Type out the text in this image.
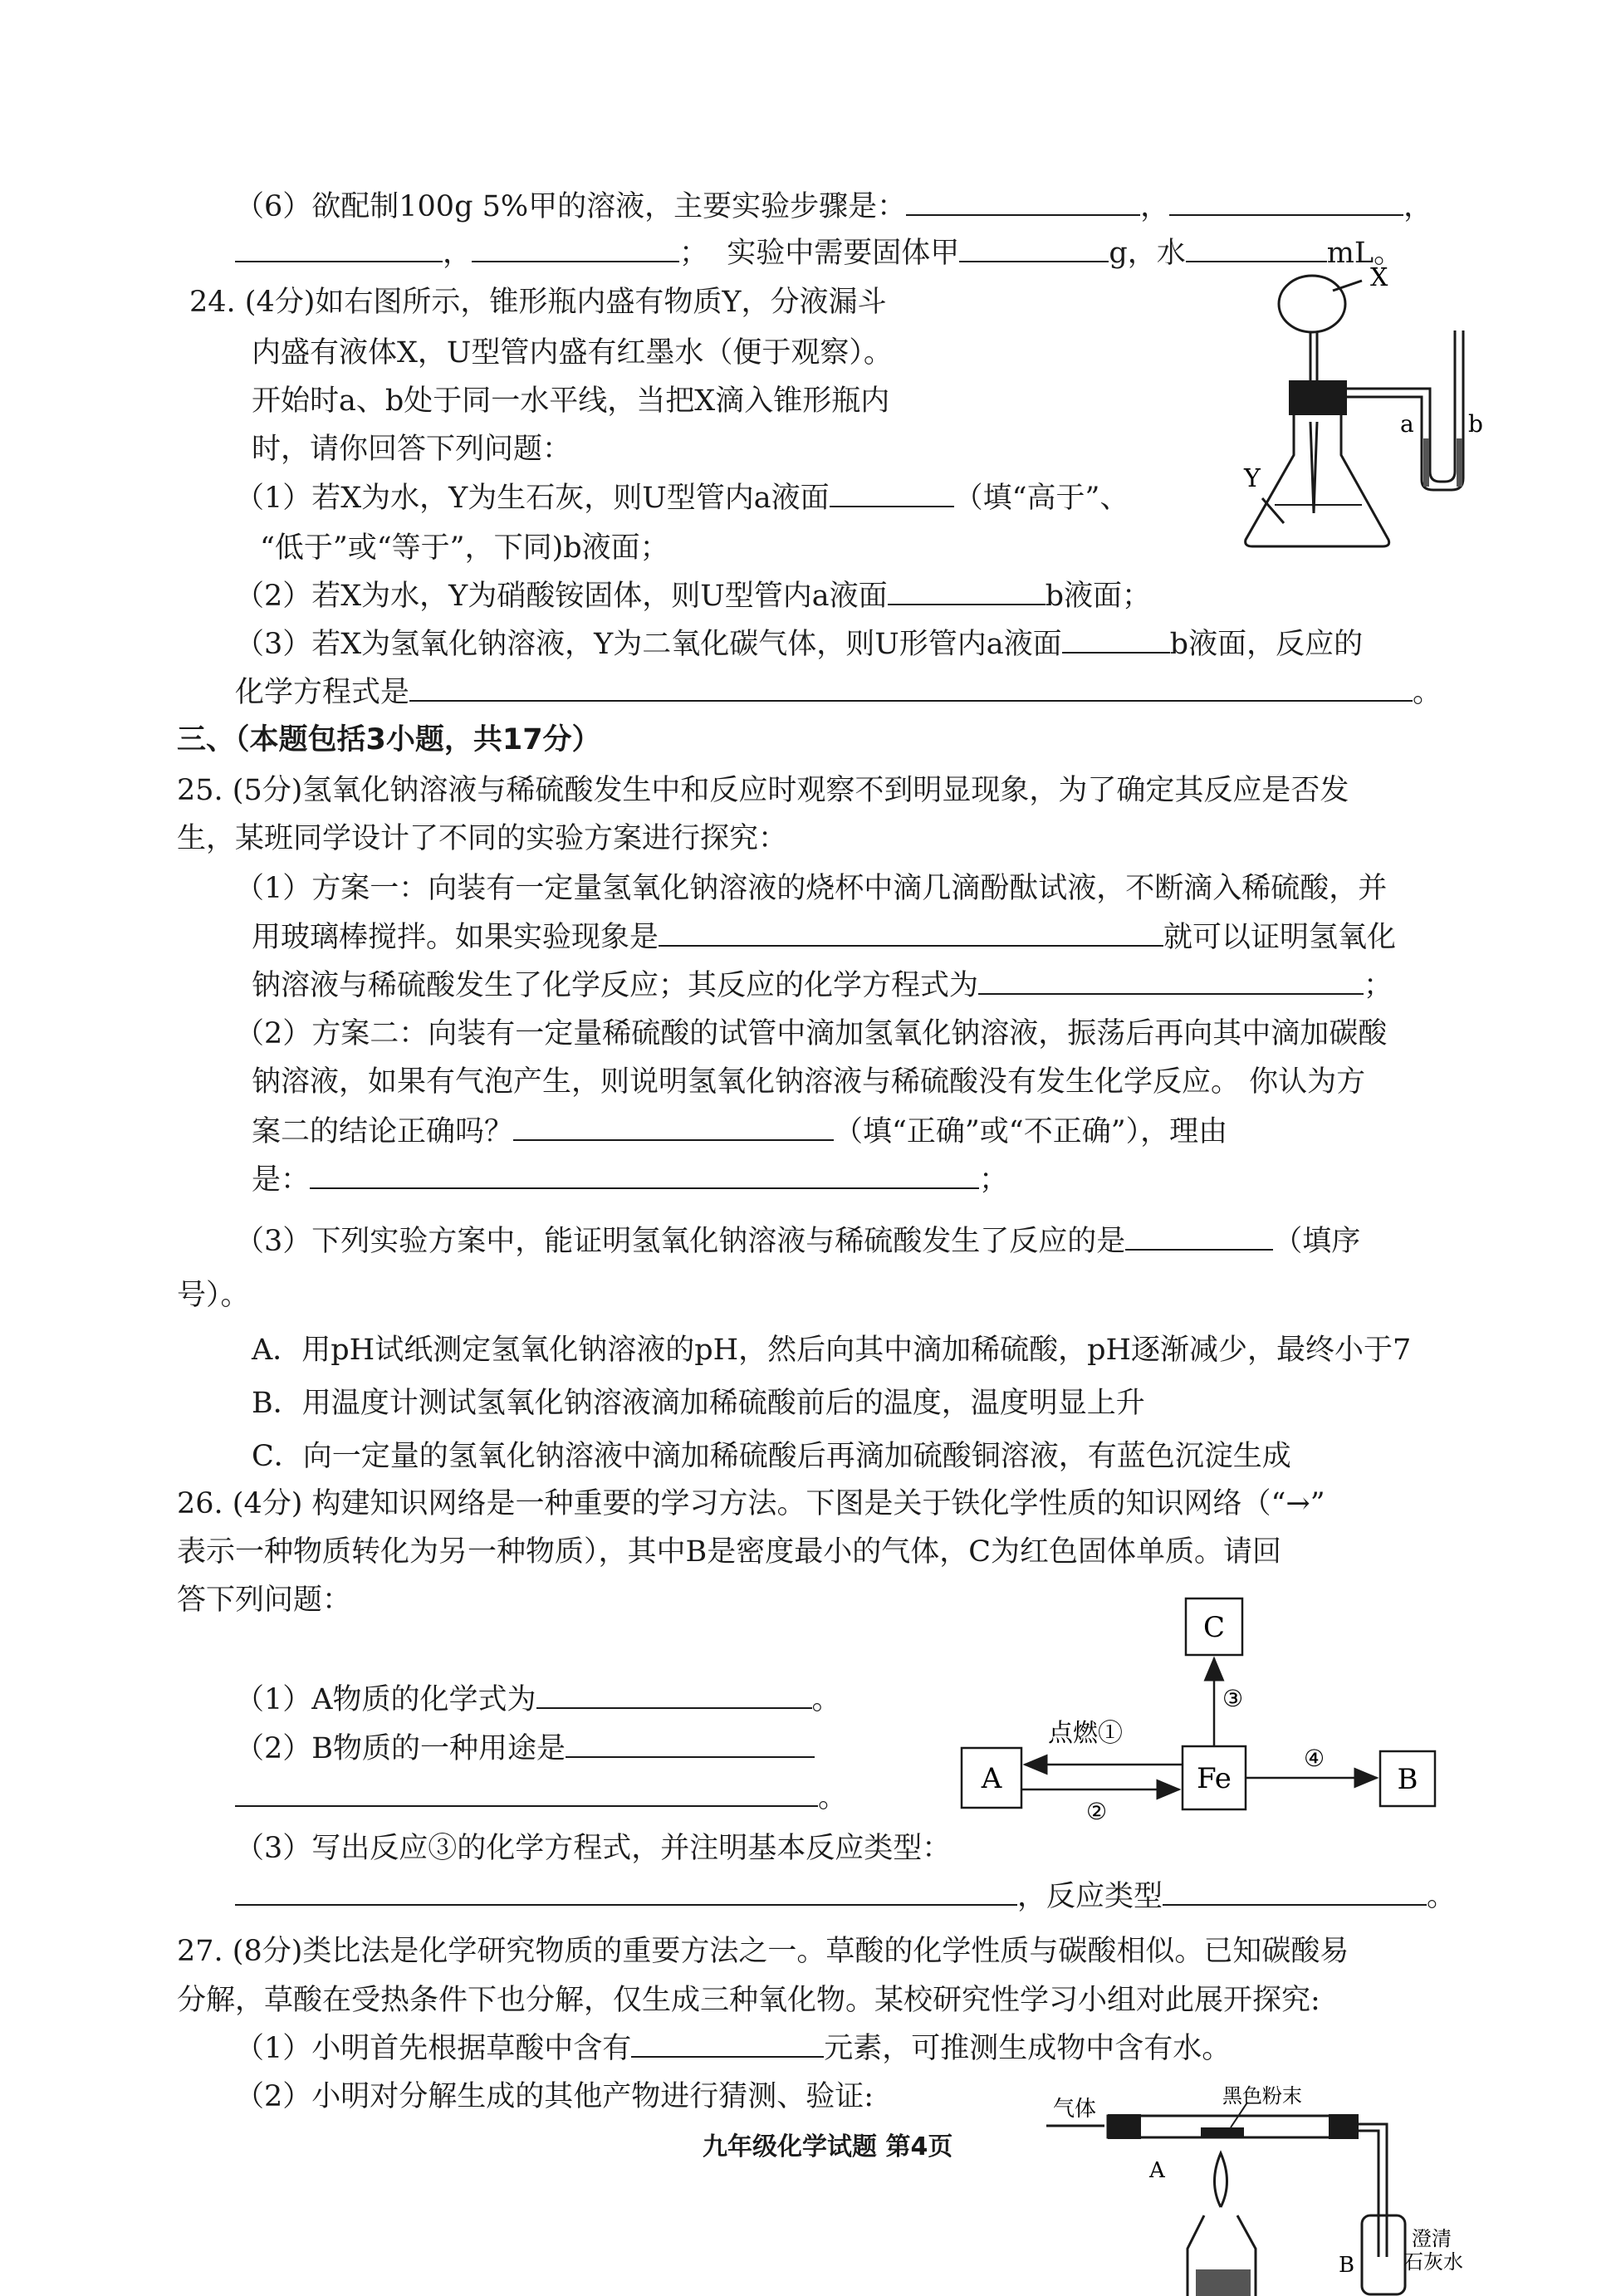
（6）欲配制100g 5%甲的溶液，主要实验步骤是：	，	，
，	； 实验中需要固体甲	g，水	mL。
24. (4分)如右图所示，锥形瓶内盛有物质Y，分液漏斗
内盛有液体X，U型管内盛有红墨水（便于观察）。
开始时a、b处于同一水平线，当把X滴入锥形瓶内
时，请你回答下列问题：
（1）若X为水，Y为生石灰，则U型管内a液面	（填“高于”、
“低于”或“等于”，下同)b液面；
（2）若X为水，Y为硝酸铵固体，则U型管内a液面	b液面；
（3）若X为氢氧化钠溶液，Y为二氧化碳气体，则U形管内a液面	b液面，反应的
化学方程式是	。
X
Y
a b
三、（本题包括3小题，共17分）
25. (5分)氢氧化钠溶液与稀硫酸发生中和反应时观察不到明显现象，为了确定其反应是否发
生，某班同学设计了不同的实验方案进行探究：
（1）方案一：向装有一定量氢氧化钠溶液的烧杯中滴几滴酚酞试液，不断滴入稀硫酸，并
用玻璃棒搅拌。如果实验现象是	就可以证明氢氧化
钠溶液与稀硫酸发生了化学反应；其反应的化学方程式为	；
（2）方案二：向装有一定量稀硫酸的试管中滴加氢氧化钠溶液，振荡后再向其中滴加碳酸
钠溶液，如果有气泡产生，则说明氢氧化钠溶液与稀硫酸没有发生化学反应。 你认为方
案二的结论正确吗？	（填“正确”或“不正确”），理由
是：	；
（3）下列实验方案中，能证明氢氧化钠溶液与稀硫酸发生了反应的是	（填序
号）。
A．用pH试纸测定氢氧化钠溶液的pH，然后向其中滴加稀硫酸，pH逐渐减少，最终小于7
B．用温度计测试氢氧化钠溶液滴加稀硫酸前后的温度，温度明显上升
C．向一定量的氢氧化钠溶液中滴加稀硫酸后再滴加硫酸铜溶液，有蓝色沉淀生成
26. (4分) 构建知识网络是一种重要的学习方法。下图是关于铁化学性质的知识网络（“→”
表示一种物质转化为另一种物质），其中B是密度最小的气体，C为红色固体单质。请回
答下列问题：
（1）A物质的化学式为	。
（2）B物质的一种用途是
。
（3）写出反应③的化学方程式，并注明基本反应类型：
，反应类型	。
C
A	Fe	B
点燃①
②
③
④
27. (8分)类比法是化学研究物质的重要方法之一。草酸的化学性质与碳酸相似。已知碳酸易
分解，草酸在受热条件下也分解，仅生成三种氧化物。某校研究性学习小组对此展开探究:
（1）小明首先根据草酸中含有	元素，可推测生成物中含有水。
（2）小明对分解生成的其他产物进行猜测、验证:	黑色粉末
气体
A
B
澄清
石灰水
九年级化学试题 第4页
